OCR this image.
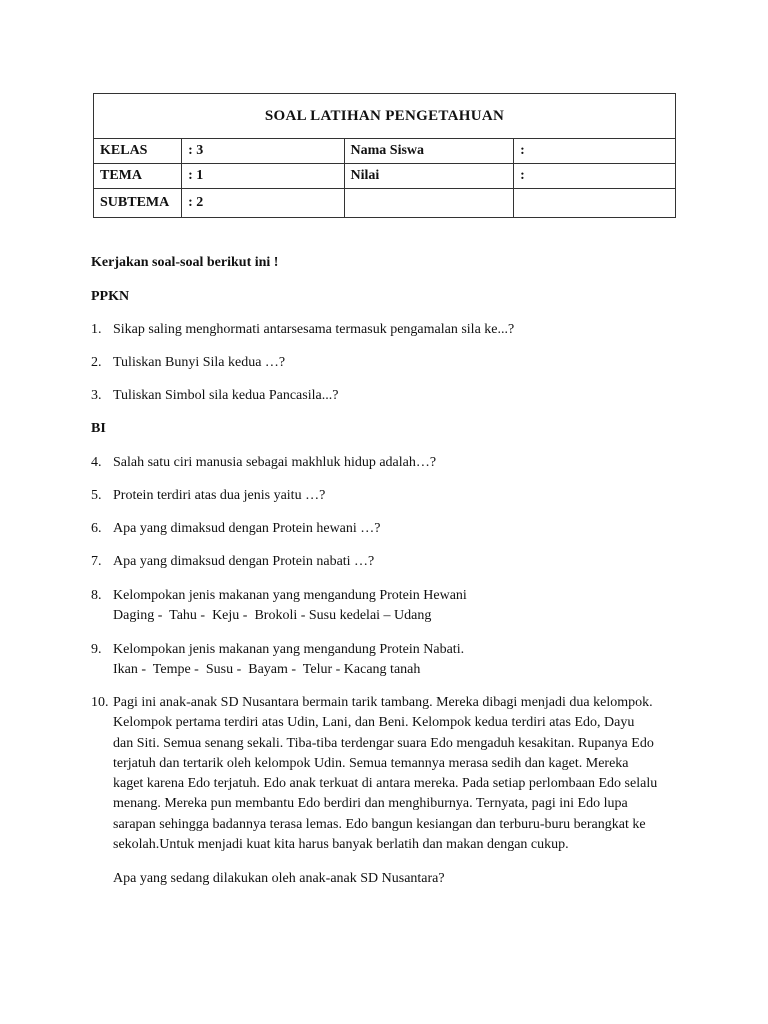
SOAL LATIHAN PENGETAHUAN			
KELAS	: 3	Nama Siswa	:
TEMA	: 1	Nilai	:
SUBTEMA	: 2		
Kerjakan soal-soal berikut ini !
PPKN
1. Sikap saling menghormati antarsesama termasuk pengamalan sila ke...?
2. Tuliskan Bunyi Sila kedua …?
3. Tuliskan Simbol sila kedua Pancasila...?
BI
4. Salah satu ciri manusia sebagai makhluk hidup adalah…?
5. Protein terdiri atas dua jenis yaitu …?
6. Apa yang dimaksud dengan Protein hewani …?
7. Apa yang dimaksud dengan Protein nabati …?
8. Kelompokan jenis makanan yang mengandung Protein Hewani
Daging -  Tahu -  Keju -  Brokoli - Susu kedelai – Udang
9. Kelompokan jenis makanan yang mengandung Protein Nabati.
Ikan -  Tempe -  Susu -  Bayam -  Telur - Kacang tanah
10. Pagi ini anak-anak SD Nusantara bermain tarik tambang. Mereka dibagi menjadi dua kelompok. Kelompok pertama terdiri atas Udin, Lani, dan Beni. Kelompok kedua terdiri atas Edo, Dayu dan Siti. Semua senang sekali. Tiba-tiba terdengar suara Edo mengaduh kesakitan. Rupanya Edo terjatuh dan tertarik oleh kelompok Udin. Semua temannya merasa sedih dan kaget. Mereka kaget karena Edo terjatuh. Edo anak terkuat di antara mereka. Pada setiap perlombaan Edo selalu menang. Mereka pun membantu Edo berdiri dan menghiburnya. Ternyata, pagi ini Edo lupa sarapan sehingga badannya terasa lemas. Edo bangun kesiangan dan terburu-buru berangkat ke sekolah.Untuk menjadi kuat kita harus banyak berlatih dan makan dengan cukup.
Apa yang sedang dilakukan oleh anak-anak SD Nusantara?
